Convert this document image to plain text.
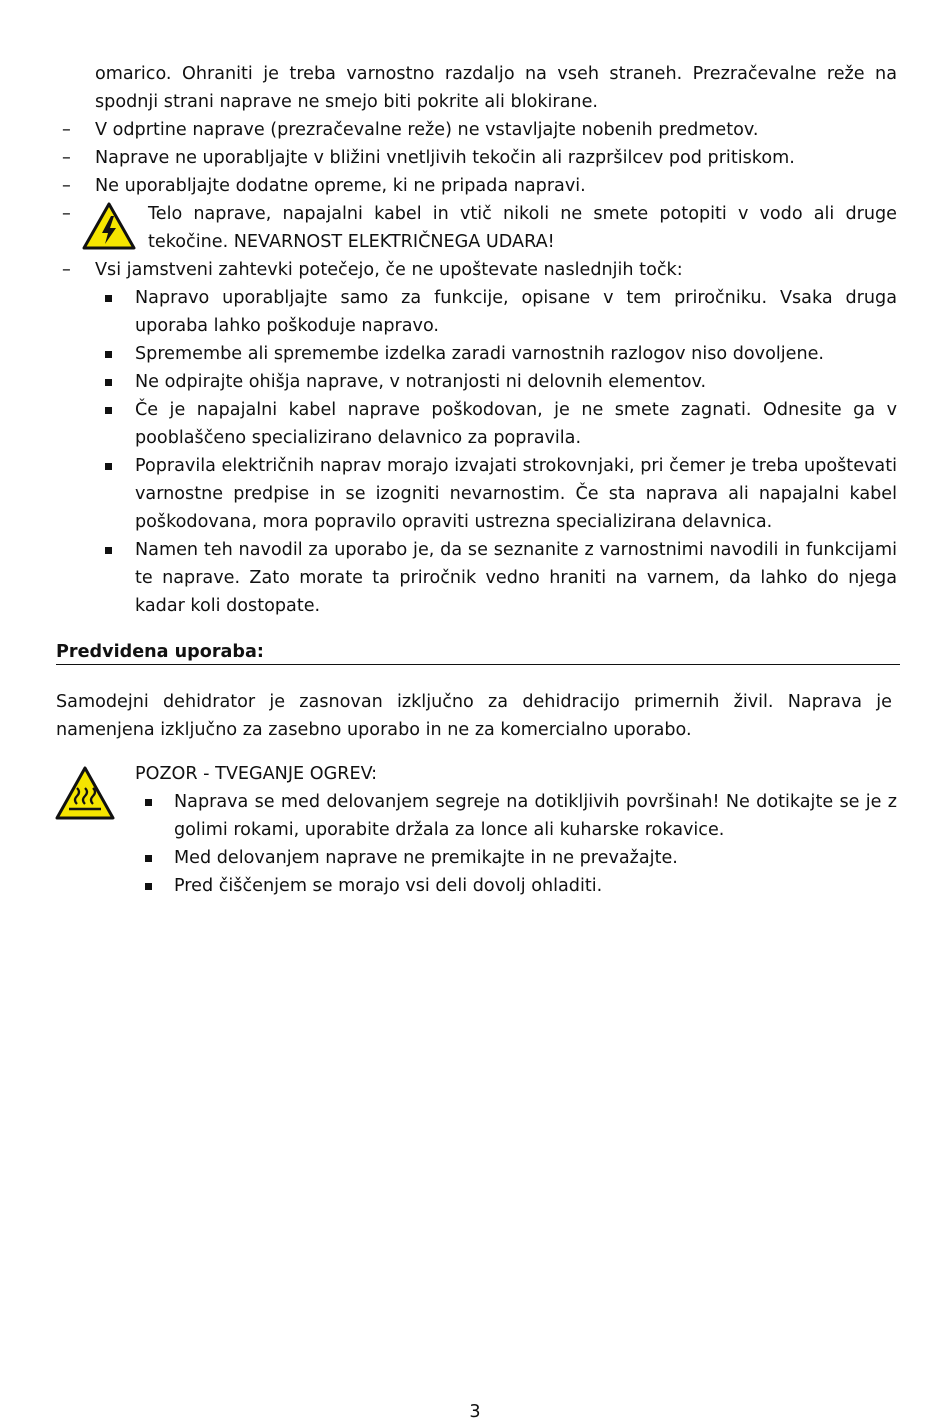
omarico. Ohraniti je treba varnostno razdaljo na vseh straneh. Prezračevalne reže na spodnji strani naprave ne smejo biti pokrite ali blokirane.
– V odprtine naprave (prezračevalne reže) ne vstavljajte nobenih predmetov.
– Naprave ne uporabljajte v bližini vnetljivih tekočin ali razpršilcev pod pritiskom.
– Ne uporabljajte dodatne opreme, ki ne pripada napravi.
–	Telo naprave, napajalni kabel in vtič nikoli ne smete potopiti v vodo ali druge tekočine. NEVARNOST ELEKTRIČNEGA UDARA!
– Vsi jamstveni zahtevki potečejo, če ne upoštevate naslednjih točk:
Napravo uporabljajte samo za funkcije, opisane v tem priročniku. Vsaka druga uporaba lahko poškoduje napravo.
Spremembe ali spremembe izdelka zaradi varnostnih razlogov niso dovoljene.
Ne odpirajte ohišja naprave, v notranjosti ni delovnih elementov.
Če je napajalni kabel naprave poškodovan, je ne smete zagnati. Odnesite ga v pooblaščeno specializirano delavnico za popravila.
Popravila električnih naprav morajo izvajati strokovnjaki, pri čemer je treba upoštevati varnostne predpise in se izogniti nevarnostim. Če sta naprava ali napajalni kabel poškodovana, mora popravilo opraviti ustrezna specializirana delavnica.
Namen teh navodil za uporabo je, da se seznanite z varnostnimi navodili in funkcijami te naprave. Zato morate ta priročnik vedno hraniti na varnem, da lahko do njega kadar koli dostopate.
Predvidena uporaba:
Samodejni dehidrator je zasnovan izključno za dehidracijo primernih živil. Naprava je namenjena izključno za zasebno uporabo in ne za komercialno uporabo.
POZOR - TVEGANJE OGREV:
Naprava se med delovanjem segreje na dotikljivih površinah! Ne dotikajte se je z golimi rokami, uporabite držala za lonce ali kuharske rokavice.
Med delovanjem naprave ne premikajte in ne prevažajte.
Pred čiščenjem se morajo vsi deli dovolj ohladiti.
3
